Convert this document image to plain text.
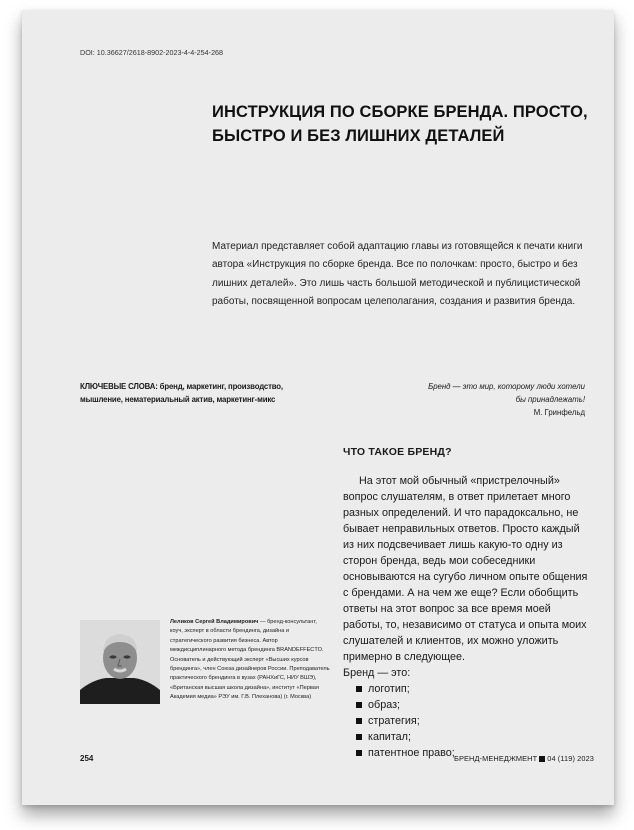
DOI: 10.36627/2618-8902-2023-4-4-254-268
ИНСТРУКЦИЯ ПО СБОРКЕ БРЕНДА. ПРОСТО, БЫСТРО И БЕЗ ЛИШНИХ ДЕТАЛЕЙ
Материал представляет собой адаптацию главы из готовящейся к печати книги автора «Инструкция по сборке бренда. Все по полочкам: просто, быстро и без лишних деталей». Это лишь часть большой методической и публицистической работы, посвященной вопросам целеполагания, создания и развития бренда.
КЛЮЧЕВЫЕ СЛОВА: бренд, маркетинг, производство, мышление, нематериальный актив, маркетинг-микс
Бренд — это мир, которому люди хотели бы принадлежать!
М. Гринфельд
ЧТО ТАКОЕ БРЕНД?

На этот мой обычный «пристрелочный» вопрос слушателям, в ответ прилетает много разных определений. И что парадоксально, не бывает неправильных ответов. Просто каждый из них подсвечивает лишь какую-то одну из сторон бренда, ведь мои собеседники основываются на сугубо личном опыте общения с брендами. А на чем же еще? Если обобщить ответы на этот вопрос за все время моей работы, то, независимо от статуса и опыта моих слушателей и клиентов, их можно уложить примерно в следующее.

Бренд — это:
логотип;
образ;
стратегия;
капитал;
патентное право;
Леликов Сергей Владимирович — бренд-консультант, коуч, эксперт в области брендинга, дизайна и стратегического развития бизнеса. Автор междисциплинарного метода брендинга BRANDEFFECTO. Основатель и действующий эксперт «Высших курсов брендинга», член Союза дизайнеров России. Преподаватель практического брендинга в вузах (РАНХиГС, НИУ ВШЭ), «Британская высшая школа дизайна», институт «Первая Академия медиа» РЭУ им. Г.В. Плеханова) (г. Москва)
254	БРЕНД-МЕНЕДЖМЕНТ 04 (119) 2023
